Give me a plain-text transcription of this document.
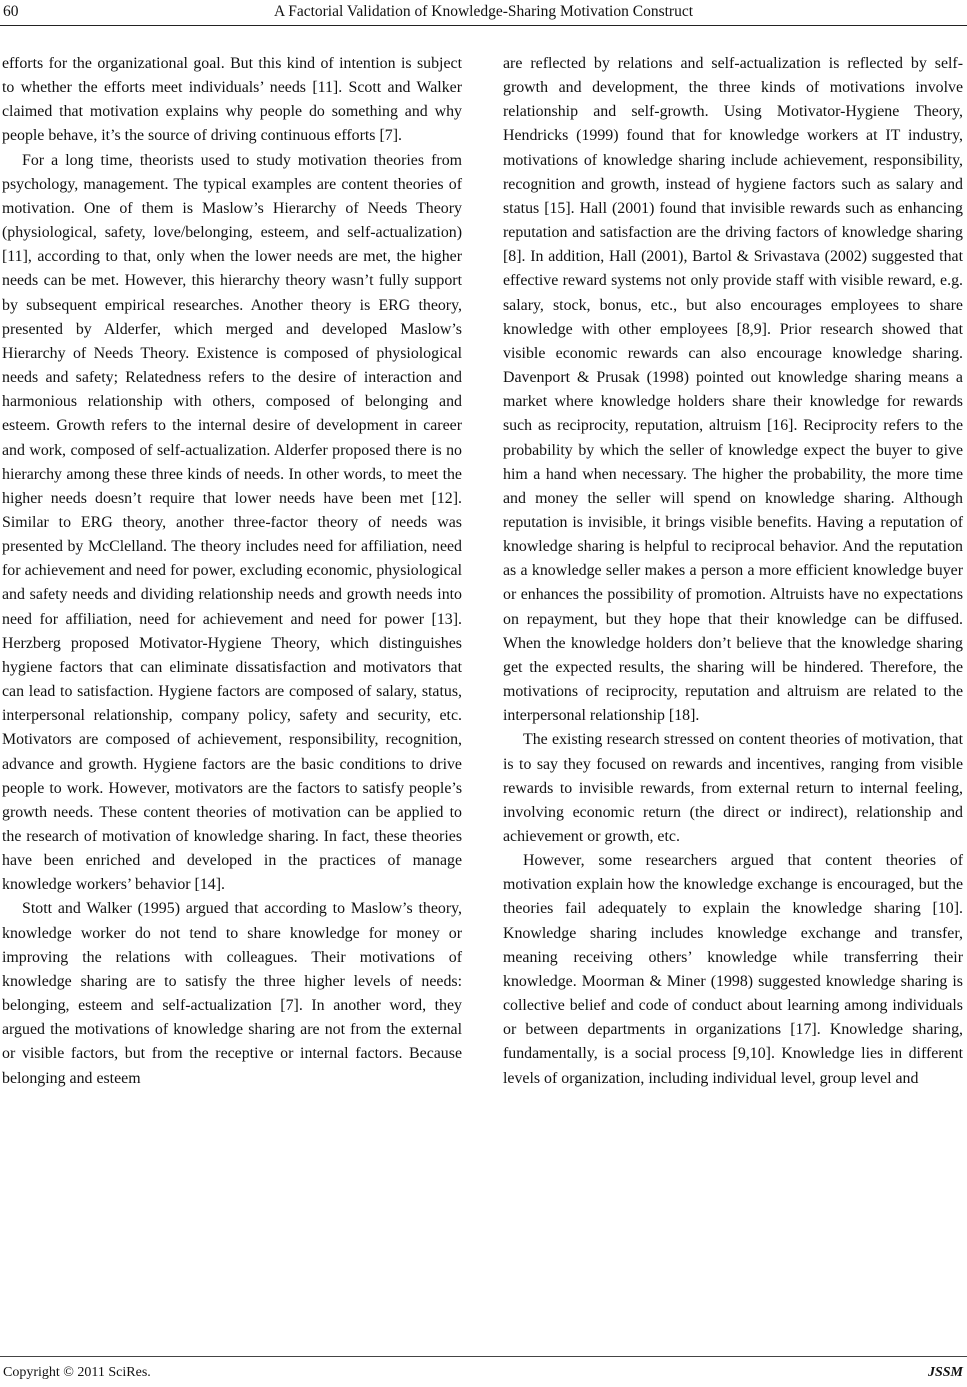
60	A Factorial Validation of Knowledge-Sharing Motivation Construct

efforts for the organizational goal. But this kind of intention is subject to whether the efforts meet individuals’ needs [11]. Scott and Walker claimed that motivation explains why people do something and why people behave, it’s the source of driving continuous efforts [7].

For a long time, theorists used to study motivation theories from psychology, management. The typical examples are content theories of motivation. One of them is Maslow’s Hierarchy of Needs Theory (physiological, safety, love/belonging, esteem, and self-actualization) [11], according to that, only when the lower needs are met, the higher needs can be met. However, this hierarchy theory wasn’t fully support by subsequent empirical researches. Another theory is ERG theory, presented by Alderfer, which merged and developed Maslow’s Hierarchy of Needs Theory. Existence is composed of physiological needs and safety; Relatedness refers to the desire of interaction and harmonious relationship with others, composed of belonging and esteem. Growth refers to the internal desire of development in career and work, composed of self-actualization. Alderfer proposed there is no hierarchy among these three kinds of needs. In other words, to meet the higher needs doesn’t require that lower needs have been met [12]. Similar to ERG theory, another three-factor theory of needs was presented by McClelland. The theory includes need for affiliation, need for achievement and need for power, excluding economic, physiological and safety needs and dividing relationship needs and growth needs into need for affiliation, need for achievement and need for power [13]. Herzberg proposed Motivator-Hygiene Theory, which distinguishes hygiene factors that can eliminate dissatisfaction and motivators that can lead to satisfaction. Hygiene factors are composed of salary, status, interpersonal relationship, company policy, safety and security, etc. Motivators are composed of achievement, responsibility, recognition, advance and growth. Hygiene factors are the basic conditions to drive people to work. However, motivators are the factors to satisfy people’s growth needs. These content theories of motivation can be applied to the research of motivation of knowledge sharing. In fact, these theories have been enriched and developed in the practices of manage knowledge workers’ behavior [14].

Stott and Walker (1995) argued that according to Maslow’s theory, knowledge worker do not tend to share knowledge for money or improving the relations with colleagues. Their motivations of knowledge sharing are to satisfy the three higher levels of needs: belonging, esteem and self-actualization [7]. In another word, they argued the motivations of knowledge sharing are not from the external or visible factors, but from the receptive or internal factors. Because belonging and esteem

are reflected by relations and self-actualization is reflected by self-growth and development, the three kinds of motivations involve relationship and self-growth. Using Motivator-Hygiene Theory, Hendricks (1999) found that for knowledge workers at IT industry, motivations of knowledge sharing include achievement, responsibility, recognition and growth, instead of hygiene factors such as salary and status [15]. Hall (2001) found that invisible rewards such as enhancing reputation and satisfaction are the driving factors of knowledge sharing [8]. In addition, Hall (2001), Bartol & Srivastava (2002) suggested that effective reward systems not only provide staff with visible reward, e.g. salary, stock, bonus, etc., but also encourages employees to share knowledge with other employees [8,9]. Prior research showed that visible economic rewards can also encourage knowledge sharing. Davenport & Prusak (1998) pointed out knowledge sharing means a market where knowledge holders share their knowledge for rewards such as reciprocity, reputation, altruism [16]. Reciprocity refers to the probability by which the seller of knowledge expect the buyer to give him a hand when necessary. The higher the probability, the more time and money the seller will spend on knowledge sharing. Although reputation is invisible, it brings visible benefits. Having a reputation of knowledge sharing is helpful to reciprocal behavior. And the reputation as a knowledge seller makes a person a more efficient knowledge buyer or enhances the possibility of promotion. Altruists have no expectations on repayment, but they hope that their knowledge can be diffused. When the knowledge holders don’t believe that the knowledge sharing get the expected results, the sharing will be hindered. Therefore, the motivations of reciprocity, reputation and altruism are related to the interpersonal relationship [18].

The existing research stressed on content theories of motivation, that is to say they focused on rewards and incentives, ranging from visible rewards to invisible rewards, from external return to internal feeling, involving economic return (the direct or indirect), relationship and achievement or growth, etc.

However, some researchers argued that content theories of motivation explain how the knowledge exchange is encouraged, but the theories fail adequately to explain the knowledge sharing [10]. Knowledge sharing includes knowledge exchange and transfer, meaning receiving others’ knowledge while transferring their knowledge. Moorman & Miner (1998) suggested knowledge sharing is collective belief and code of conduct about learning among individuals or between departments in organizations [17]. Knowledge sharing, fundamentally, is a social process [9,10]. Knowledge lies in different levels of organization, including individual level, group level and

Copyright © 2011 SciRes.	JSSM
